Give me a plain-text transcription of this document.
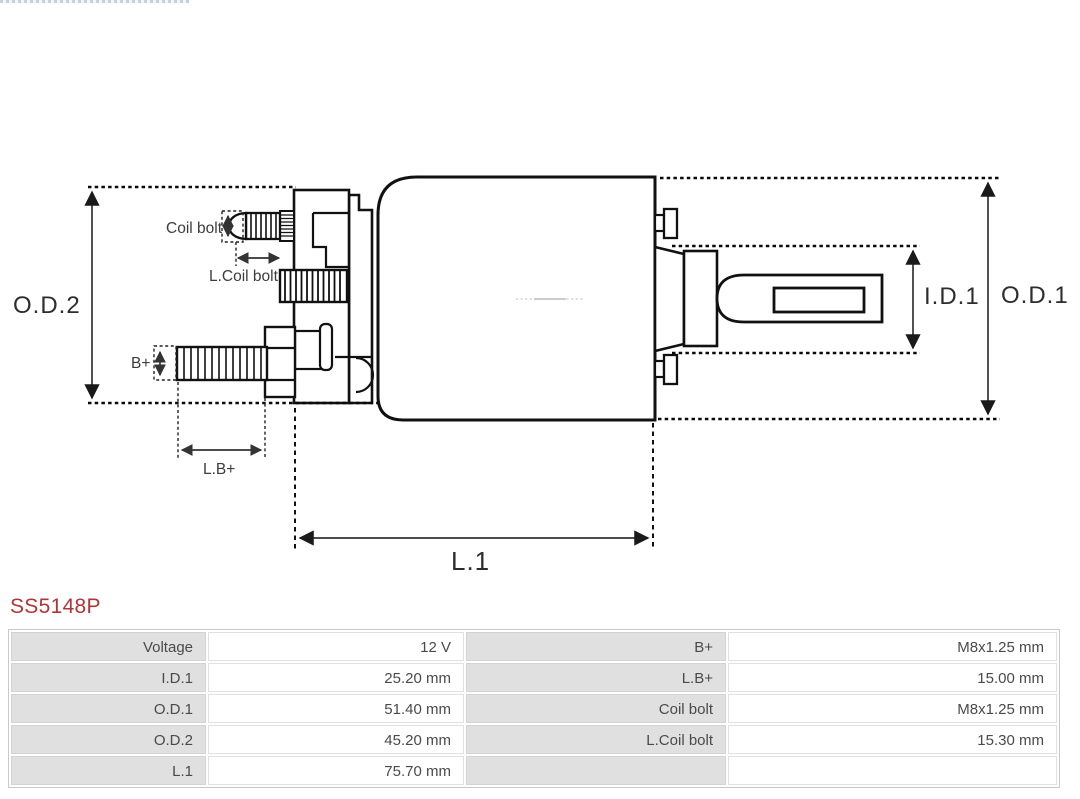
O.D.2	O.D.1
I.D.1
L.1
Coil bolt
L.Coil bolt
B+
L.B+
SS5148P
Voltage	12 V	B+	M8x1.25 mm
I.D.1	25.20 mm	L.B+	15.00 mm
O.D.1	51.40 mm	Coil bolt	M8x1.25 mm
O.D.2	45.20 mm	L.Coil bolt	15.30 mm
L.1	75.70 mm
